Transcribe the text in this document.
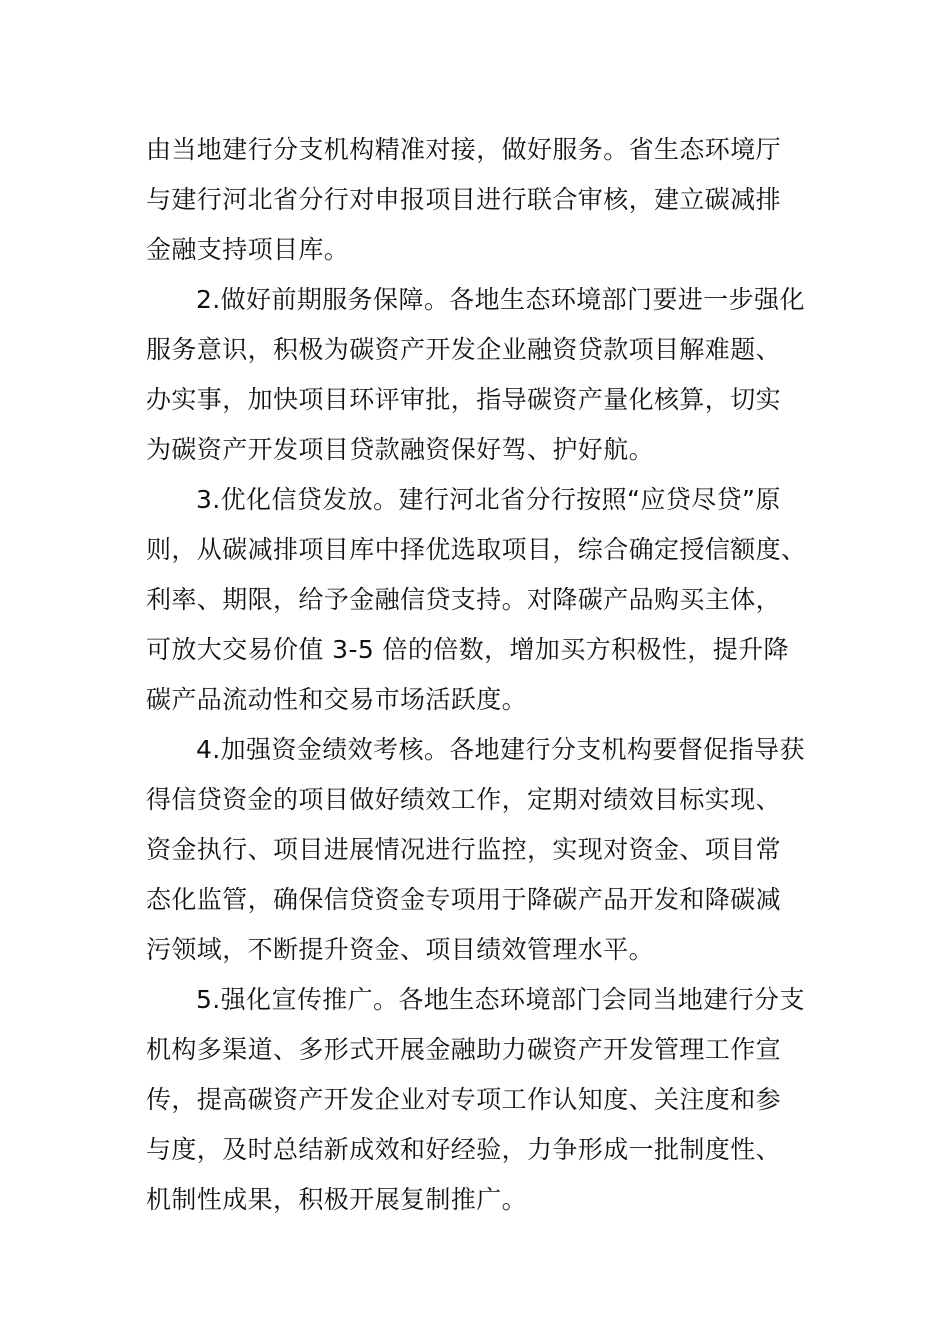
由当地建行分支机构精准对接，做好服务。省生态环境厅
与建行河北省分行对申报项目进行联合审核，建立碳减排
金融支持项目库。
2.做好前期服务保障。各地生态环境部门要进一步强化
服务意识，积极为碳资产开发企业融资贷款项目解难题、
办实事，加快项目环评审批，指导碳资产量化核算，切实
为碳资产开发项目贷款融资保好驾、护好航。
3.优化信贷发放。建行河北省分行按照“应贷尽贷”原
则，从碳减排项目库中择优选取项目，综合确定授信额度、
利率、期限，给予金融信贷支持。对降碳产品购买主体，
可放大交易价值 3-5 倍的倍数，增加买方积极性，提升降
碳产品流动性和交易市场活跃度。
4.加强资金绩效考核。各地建行分支机构要督促指导获
得信贷资金的项目做好绩效工作，定期对绩效目标实现、
资金执行、项目进展情况进行监控，实现对资金、项目常
态化监管，确保信贷资金专项用于降碳产品开发和降碳减
污领域，不断提升资金、项目绩效管理水平。
5.强化宣传推广。各地生态环境部门会同当地建行分支
机构多渠道、多形式开展金融助力碳资产开发管理工作宣
传，提高碳资产开发企业对专项工作认知度、关注度和参
与度，及时总结新成效和好经验，力争形成一批制度性、
机制性成果，积极开展复制推广。
